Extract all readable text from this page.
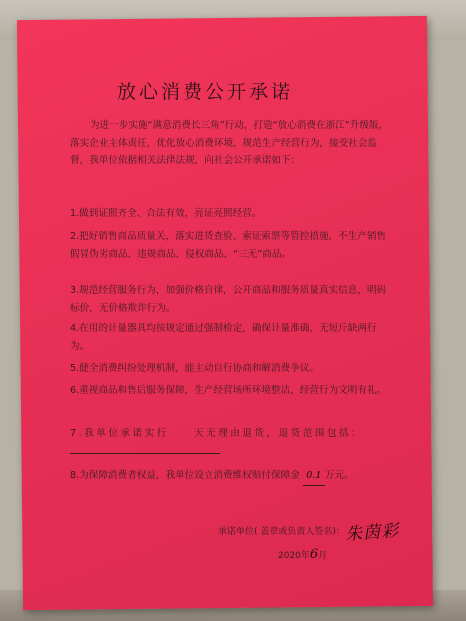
放心消费公开承诺
为进一步实施“满意消费长三角”行动，打造“放心消费在浙江”升级版，落实企业主体责任，优化放心消费环境，规范生产经营行为，接受社会监督，我单位依据相关法律法规，向社会公开承诺如下：
1.做到证照齐全、合法有效，亮证亮照经营。
2.把好销售商品质量关，落实进货查验、索证索票等管控措施，不生产销售假冒伪劣商品、违规商品、侵权商品、“三无”商品。
3.规范经营服务行为，加强价格自律，公开商品和服务质量真实信息，明码标价，无价格欺诈行为。
4.在用的计量器具均按规定通过强制检定，确保计量准确，无短斤缺两行为。
5.健全消费纠纷处理机制，能主动自行协商和解消费争议。
6.重视商品和售后服务保障，生产经营场所环境整洁，经营行为文明有礼。
7.我单位承诺实行	天无理由退货，退货范围包括：
8.为保障消费者权益，我单位设立消费维权赔付保障金 0.1 万元。
承诺单位( 盖章或负责人签名)： 朱茵彩
2020年6月
